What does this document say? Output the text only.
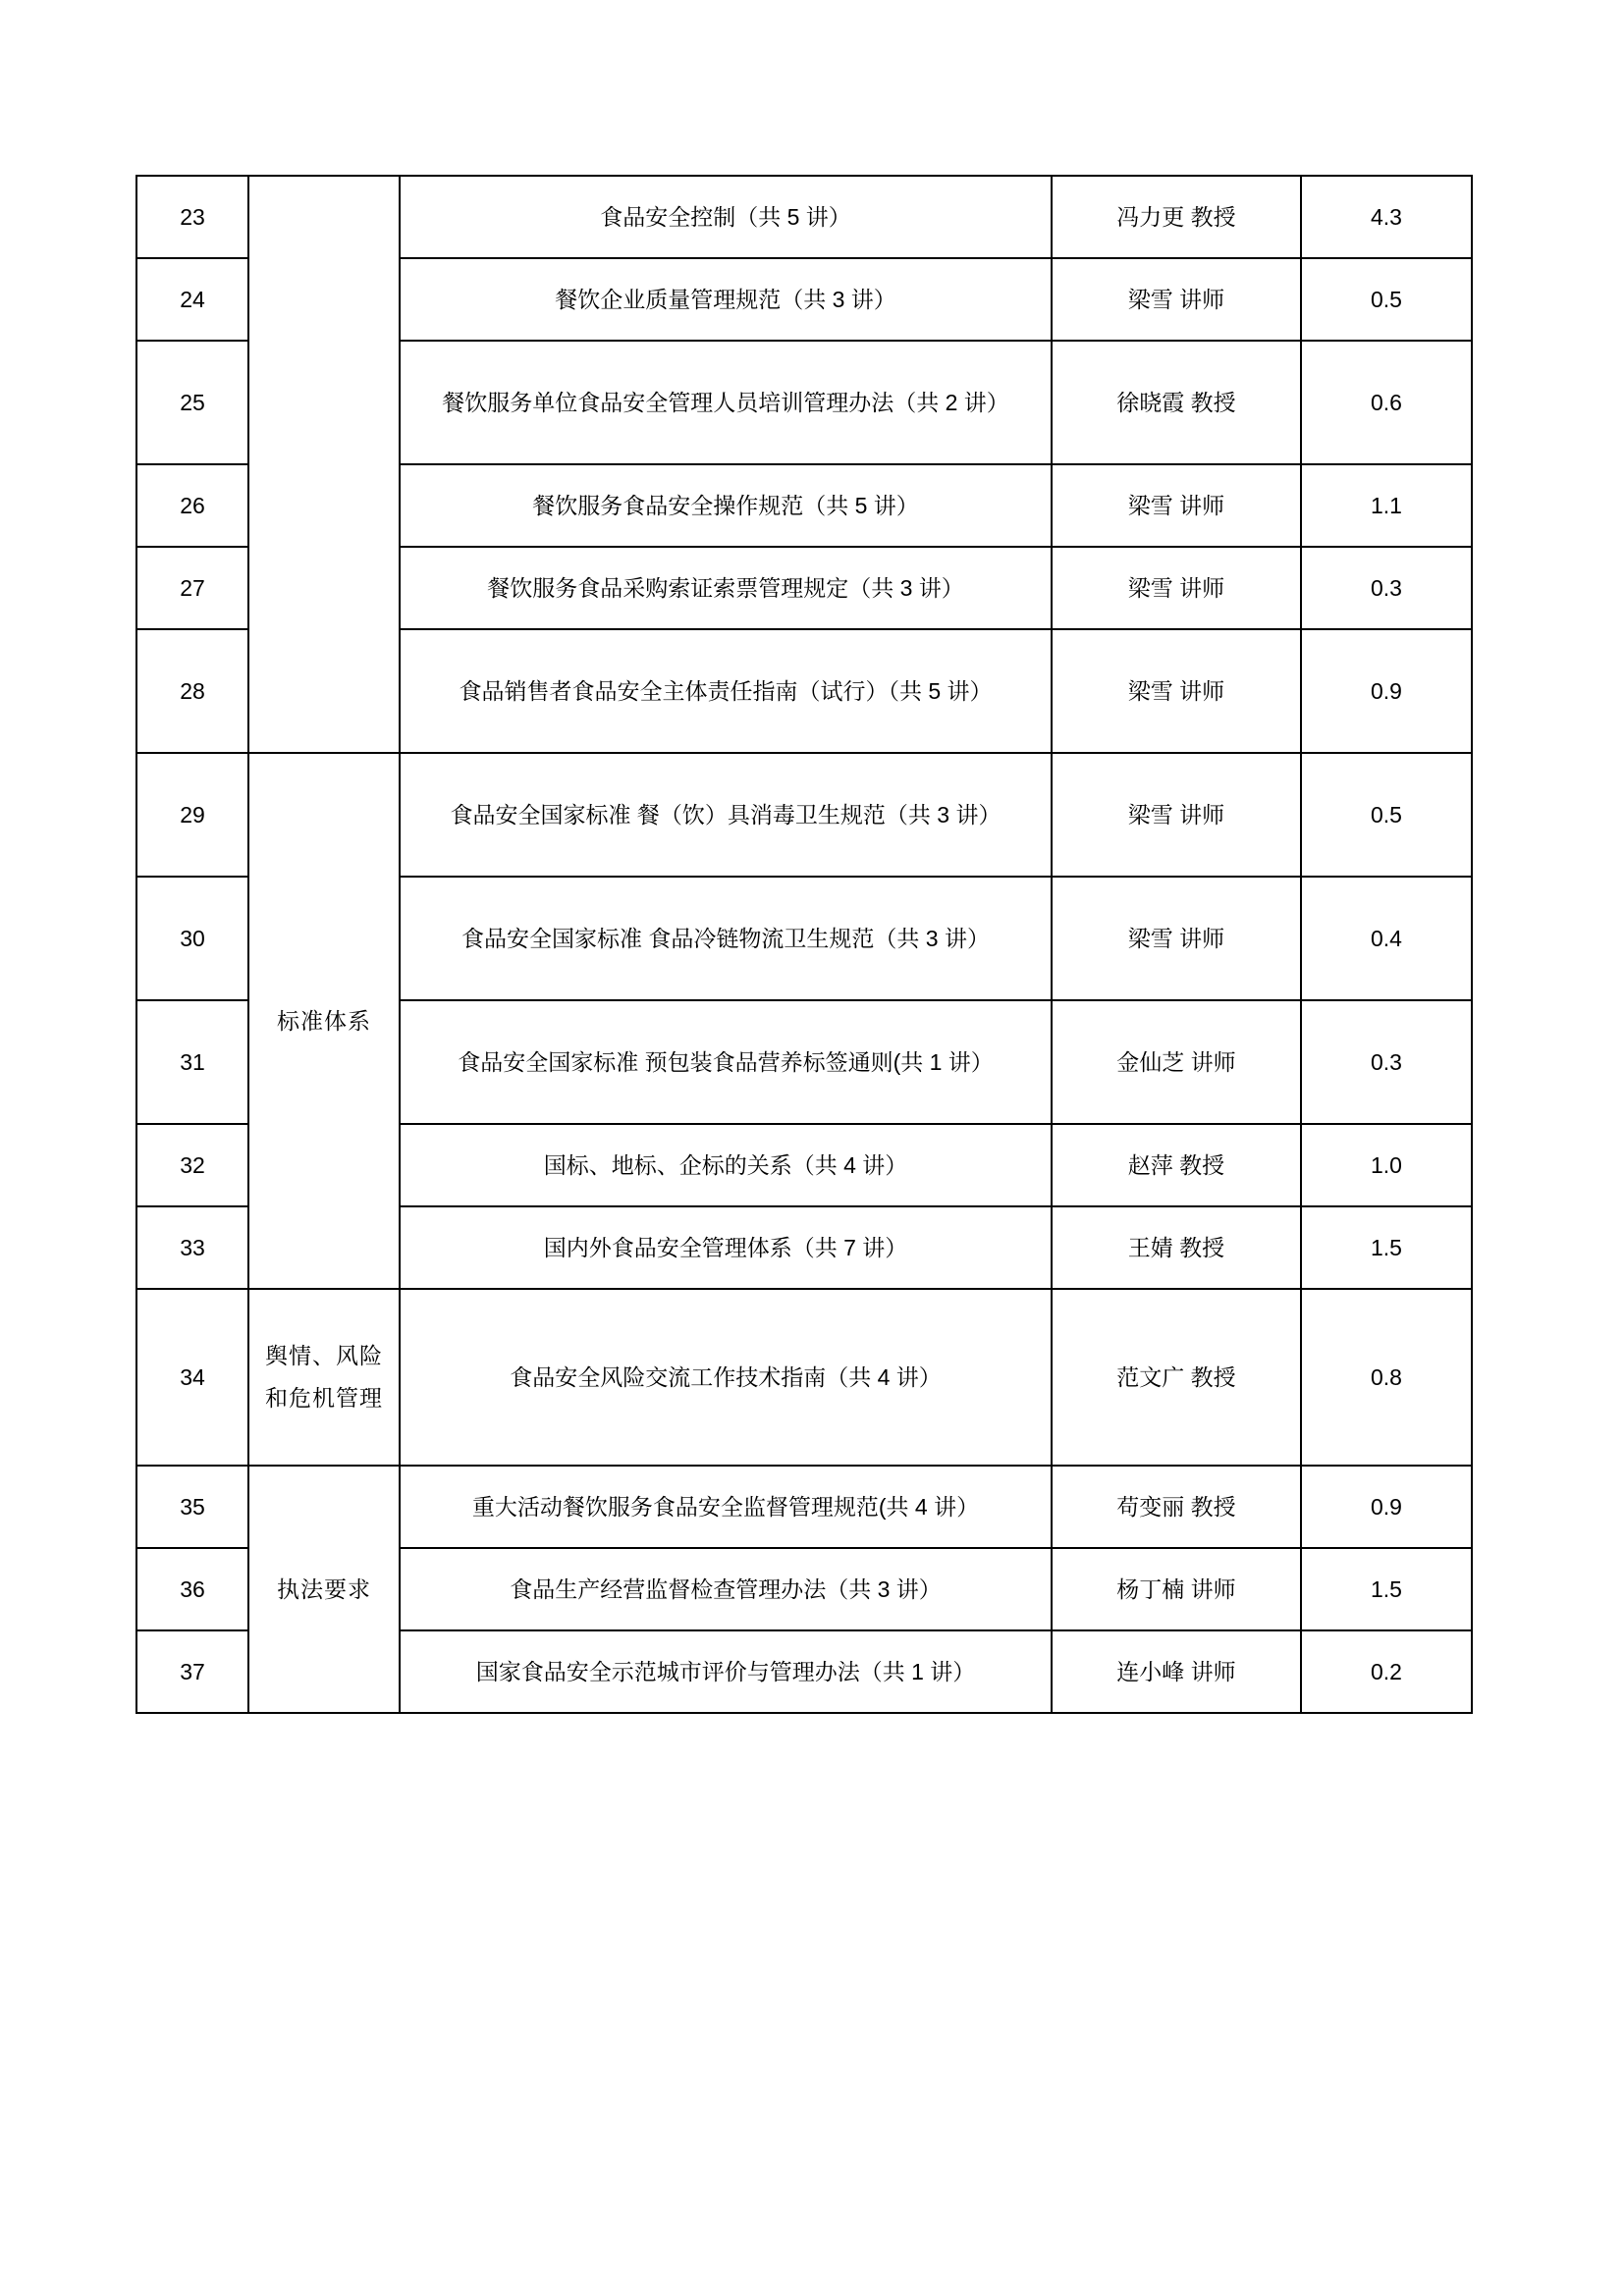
23		食品安全控制（共 5 讲）	冯力更 教授	4.3
24		餐饮企业质量管理规范（共 3 讲）	梁雪 讲师	0.5
25		餐饮服务单位食品安全管理人员培训管理办法（共 2 讲）	徐晓霞 教授	0.6
26		餐饮服务食品安全操作规范（共 5 讲）	梁雪 讲师	1.1
27		餐饮服务食品采购索证索票管理规定（共 3 讲）	梁雪 讲师	0.3
28		食品销售者食品安全主体责任指南（试行）（共 5 讲）	梁雪 讲师	0.9
29	标准体系	食品安全国家标准 餐（饮）具消毒卫生规范（共 3 讲）	梁雪 讲师	0.5
30		食品安全国家标准 食品冷链物流卫生规范（共 3 讲）	梁雪 讲师	0.4
31		食品安全国家标准 预包装食品营养标签通则(共 1 讲）	金仙芝 讲师	0.3
32		国标、地标、企标的关系（共 4 讲）	赵萍 教授	1.0
33		国内外食品安全管理体系（共 7 讲）	王婧 教授	1.5
34	舆情、风险和危机管理	食品安全风险交流工作技术指南（共 4 讲）	范文广 教授	0.8
35	执法要求	重大活动餐饮服务食品安全监督管理规范(共 4 讲）	苟变丽 教授	0.9
36		食品生产经营监督检查管理办法（共 3 讲）	杨丁楠 讲师	1.5
37		国家食品安全示范城市评价与管理办法（共 1 讲）	连小峰 讲师	0.2
